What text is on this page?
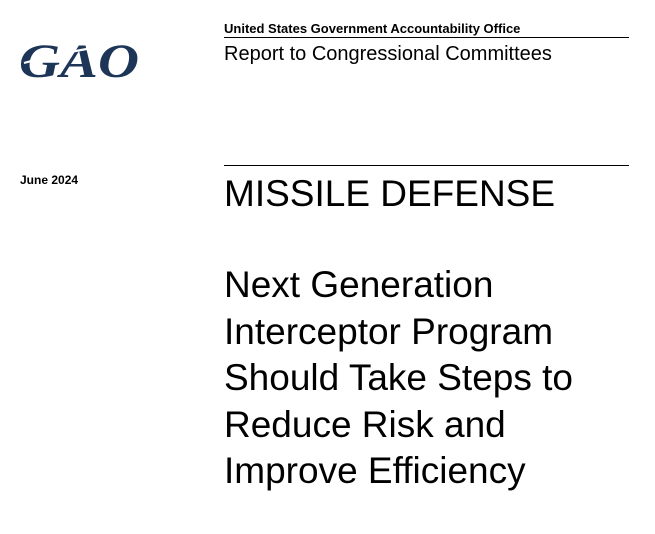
GAO
United States Government Accountability Office
Report to Congressional Committees
June 2024	MISSILE DEFENSE
Next Generation
Interceptor Program
Should Take Steps to
Reduce Risk and
Improve Efficiency
